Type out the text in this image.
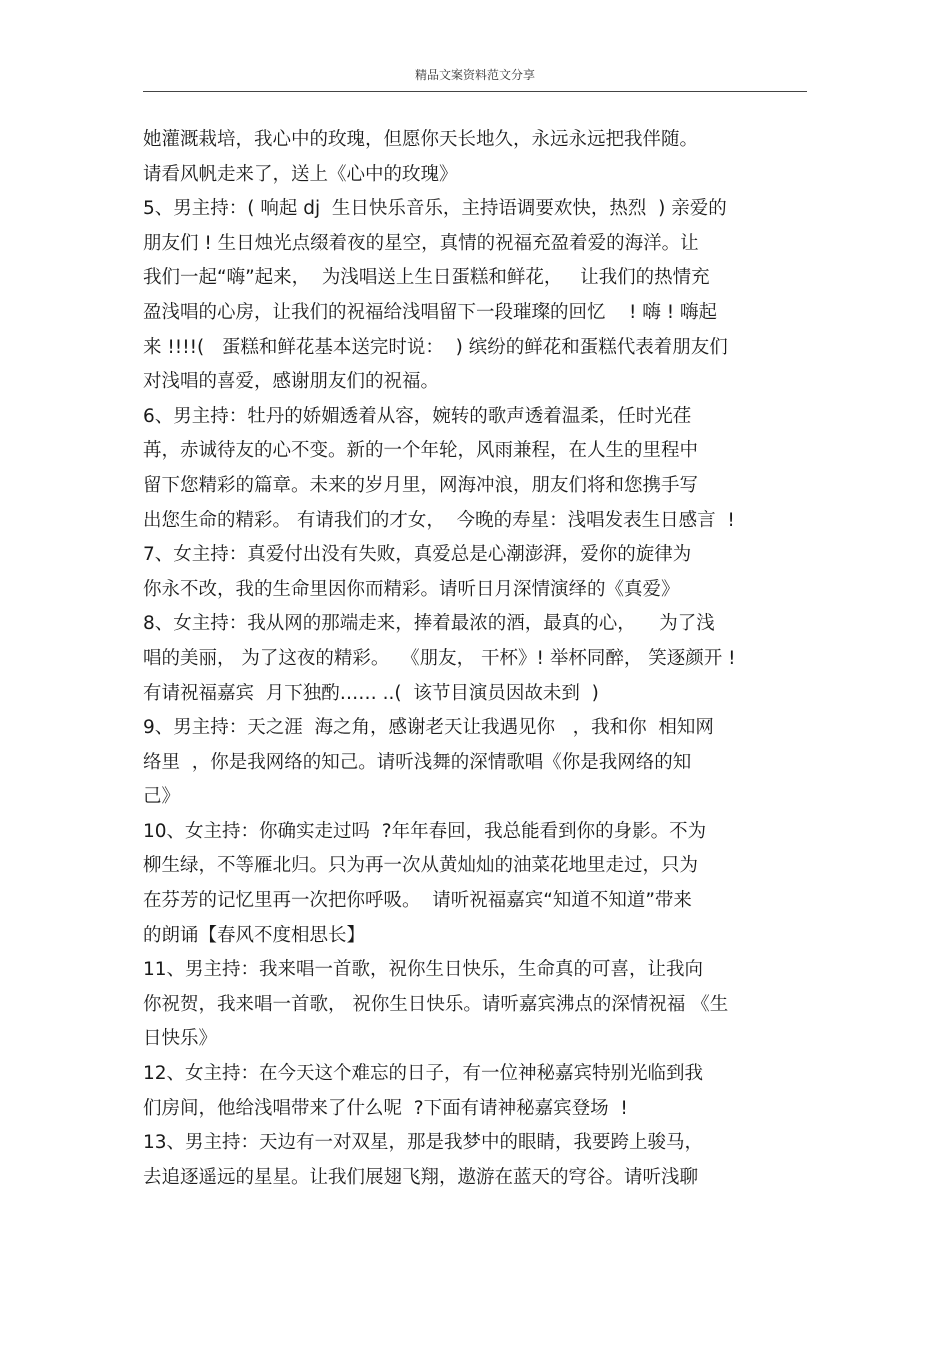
精品文案资料范文分享
她灌溉栽培，我心中的玫瑰，但愿你天长地久，永远永远把我伴随。
请看风帆走来了，送上《心中的玫瑰》
5、男主持：( 响起 dj  生日快乐音乐，主持语调要欢快，热烈  ) 亲爱的
朋友们 ! 生日烛光点缀着夜的星空，真情的祝福充盈着爱的海洋。让
我们一起“嗨”起来，  为浅唱送上生日蛋糕和鲜花，   让我们的热情充
盈浅唱的心房，让我们的祝福给浅唱留下一段璀璨的回忆    ! 嗨 ! 嗨起
来 !!!!(   蛋糕和鲜花基本送完时说：  ) 缤纷的鲜花和蛋糕代表着朋友们
对浅唱的喜爱，感谢朋友们的祝福。
6、男主持：牡丹的娇媚透着从容，婉转的歌声透着温柔，任时光荏
苒，赤诚待友的心不变。新的一个年轮，风雨兼程，在人生的里程中
留下您精彩的篇章。未来的岁月里，网海冲浪，朋友们将和您携手写
出您生命的精彩。 有请我们的才女，  今晚的寿星：浅唱发表生日感言  !
7、女主持：真爱付出没有失败，真爱总是心潮澎湃，爱你的旋律为
你永不改，我的生命里因你而精彩。请听日月深情演绎的《真爱》
8、女主持：我从网的那端走来，捧着最浓的酒，最真的心，    为了浅
唱的美丽， 为了这夜的精彩。  《朋友， 干杯》! 举杯同醉， 笑逐颜开 !
有请祝福嘉宾  月下独酌…… ..(  该节目演员因故未到  )
9、男主持：天之涯  海之角，感谢老天让我遇见你   ，我和你  相知网
络里  ，你是我网络的知己。请听浅舞的深情歌唱《你是我网络的知
己》
10、女主持：你确实走过吗  ?年年春回，我总能看到你的身影。不为
柳生绿，不等雁北归。只为再一次从黄灿灿的油菜花地里走过，只为
在芬芳的记忆里再一次把你呼吸。  请听祝福嘉宾“知道不知道”带来
的朗诵【春风不度相思长】
11、男主持：我来唱一首歌，祝你生日快乐，生命真的可喜，让我向
你祝贺，我来唱一首歌， 祝你生日快乐。请听嘉宾沸点的深情祝福 《生
日快乐》
12、女主持：在今天这个难忘的日子，有一位神秘嘉宾特别光临到我
们房间，他给浅唱带来了什么呢  ?下面有请神秘嘉宾登场  !
13、男主持：天边有一对双星，那是我梦中的眼睛，我要跨上骏马，
去追逐遥远的星星。让我们展翅飞翔，遨游在蓝天的穹谷。请听浅聊
